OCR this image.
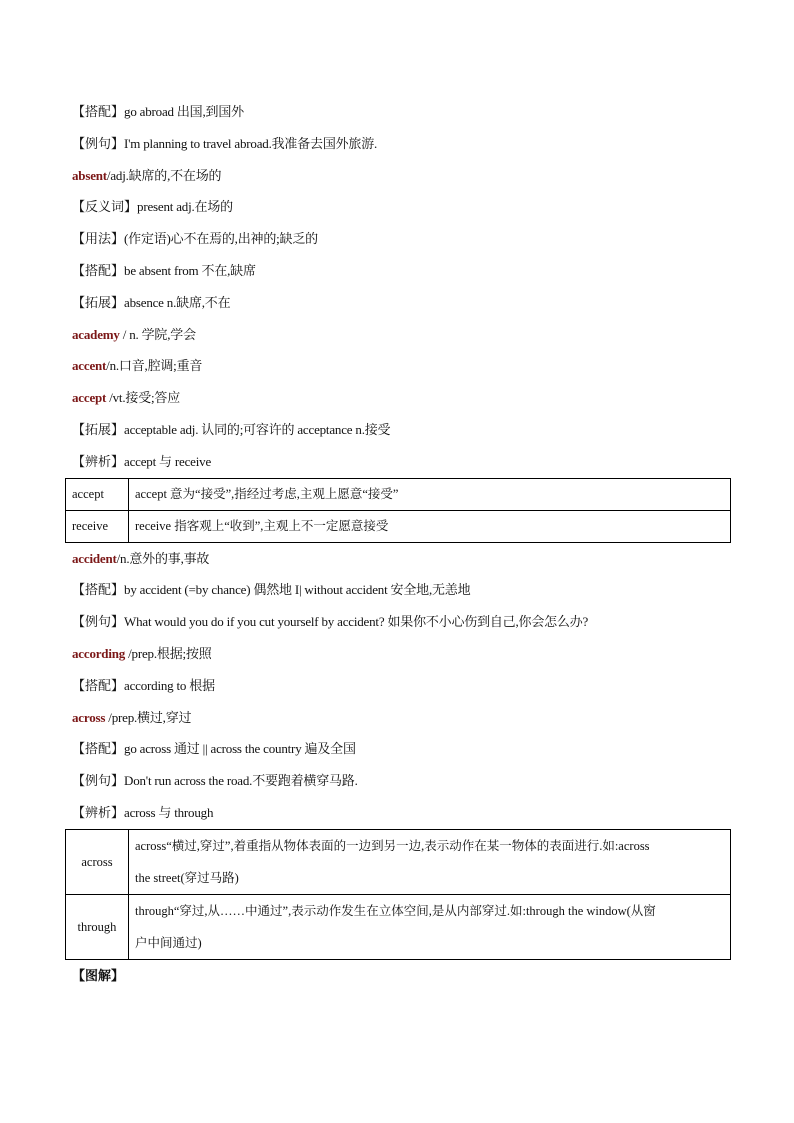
【搭配】go abroad 出国,到国外
【例句】I'm planning to travel abroad.我准备去国外旅游.
absent/adj.缺席的,不在场的
【反义词】present adj.在场的
【用法】(作定语)心不在焉的,出神的;缺乏的
【搭配】be absent from 不在,缺席
【拓展】absence n.缺席,不在
academy / n. 学院,学会
accent/n.口音,腔调;重音
accept /vt.接受;答应
【拓展】acceptable adj. 认同的;可容许的 acceptance n.接受
【辨析】accept 与 receive
accept	accept 意为“接受”,指经过考虑,主观上愿意“接受”
receive	receive 指客观上“收到”,主观上不一定愿意接受
accident/n.意外的事,事故
【搭配】by accident (=by chance) 偶然地 I| without accident 安全地,无恙地
【例句】What would you do if you cut yourself by accident? 如果你不小心伤到自己,你会怎么办?
according /prep.根据;按照
【搭配】according to 根据
across /prep.横过,穿过
【搭配】go across 通过 || across the country 遍及全国
【例句】Don't run across the road.不要跑着横穿马路.
【辨析】across 与 through
across	across“横过,穿过”,着重指从物体表面的一边到另一边,表示动作在某一物体的表面进行.如:across
the street(穿过马路)

through	through“穿过,从……中通过”,表示动作发生在立体空间,是从内部穿过.如:through the window(从窗
户中间通过)
【图解】
